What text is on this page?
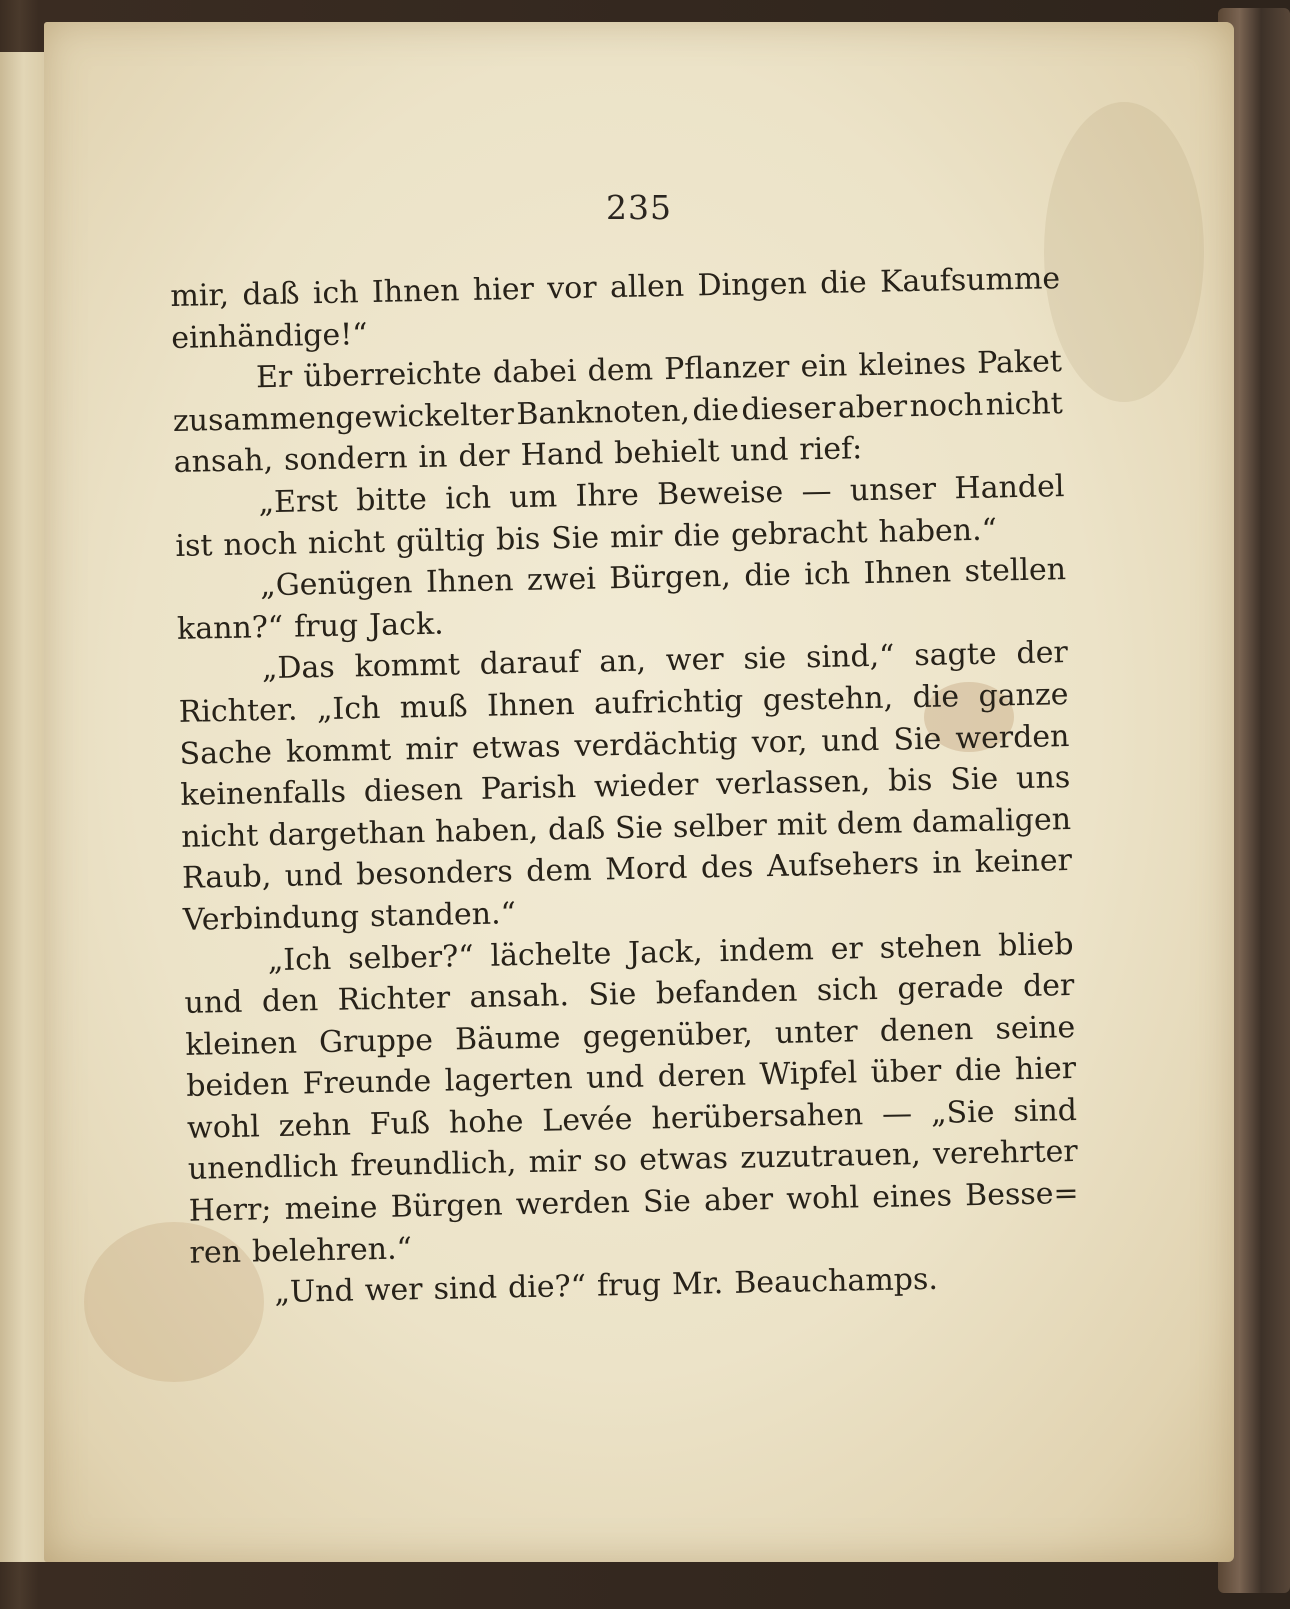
235
mir, daß ich Ihnen hier vor allen Dingen die Kaufsumme
einhändige!“
Er überreichte dabei dem Pflanzer ein kleines Paket
zusammengewickelter Banknoten, die dieser aber noch nicht
ansah, sondern in der Hand behielt und rief:
„Erst bitte ich um Ihre Beweise — unser Handel
ist noch nicht gültig bis Sie mir die gebracht haben.“
„Genügen Ihnen zwei Bürgen, die ich Ihnen stellen
kann?“ frug Jack.
„Das kommt darauf an, wer sie sind,“ sagte der
Richter. „Ich muß Ihnen aufrichtig gestehn, die ganze
Sache kommt mir etwas verdächtig vor, und Sie werden
keinenfalls diesen Parish wieder verlassen, bis Sie uns
nicht dargethan haben, daß Sie selber mit dem damaligen
Raub, und besonders dem Mord des Aufsehers in keiner
Verbindung standen.“
„Ich selber?“ lächelte Jack, indem er stehen blieb
und den Richter ansah. Sie befanden sich gerade der
kleinen Gruppe Bäume gegenüber, unter denen seine
beiden Freunde lagerten und deren Wipfel über die hier
wohl zehn Fuß hohe Levée herübersahen — „Sie sind
unendlich freundlich, mir so etwas zuzutrauen, verehrter
Herr; meine Bürgen werden Sie aber wohl eines Besse=
ren belehren.“
„Und wer sind die?“ frug Mr. Beauchamps.
